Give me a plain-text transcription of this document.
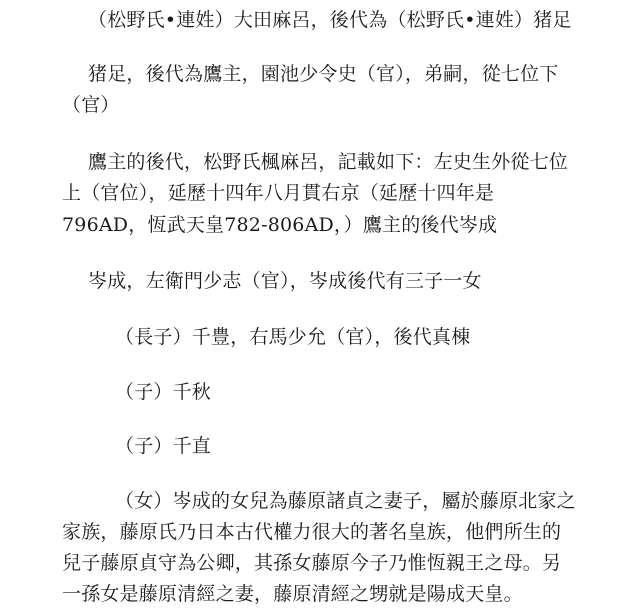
（松野氏•連姓）大田麻呂，後代為（松野氏•連姓）猪足
猪足，後代為鷹主，園池少令史（官），弟嗣，從七位下
（官）
鷹主的後代，松野氏楓麻呂，記載如下：左史生外從七位
上（官位），延歷十四年八月貫右京（延歷十四年是
796AD，恆武天皇782-806AD，）鷹主的後代岑成
岑成，左衛門少志（官），岑成後代有三子一女
（長子）千豊，右馬少允（官），後代真棟
（子）千秋
（子）千直
（女）岑成的女兒為藤原諸貞之妻子，屬於藤原北家之
家族，藤原氏乃日本古代權力很大的著名皇族，他們所生的
兒子藤原貞守為公卿，其孫女藤原今子乃惟恆親王之母。另
一孫女是藤原清經之妻，藤原清經之甥就是陽成天皇。
